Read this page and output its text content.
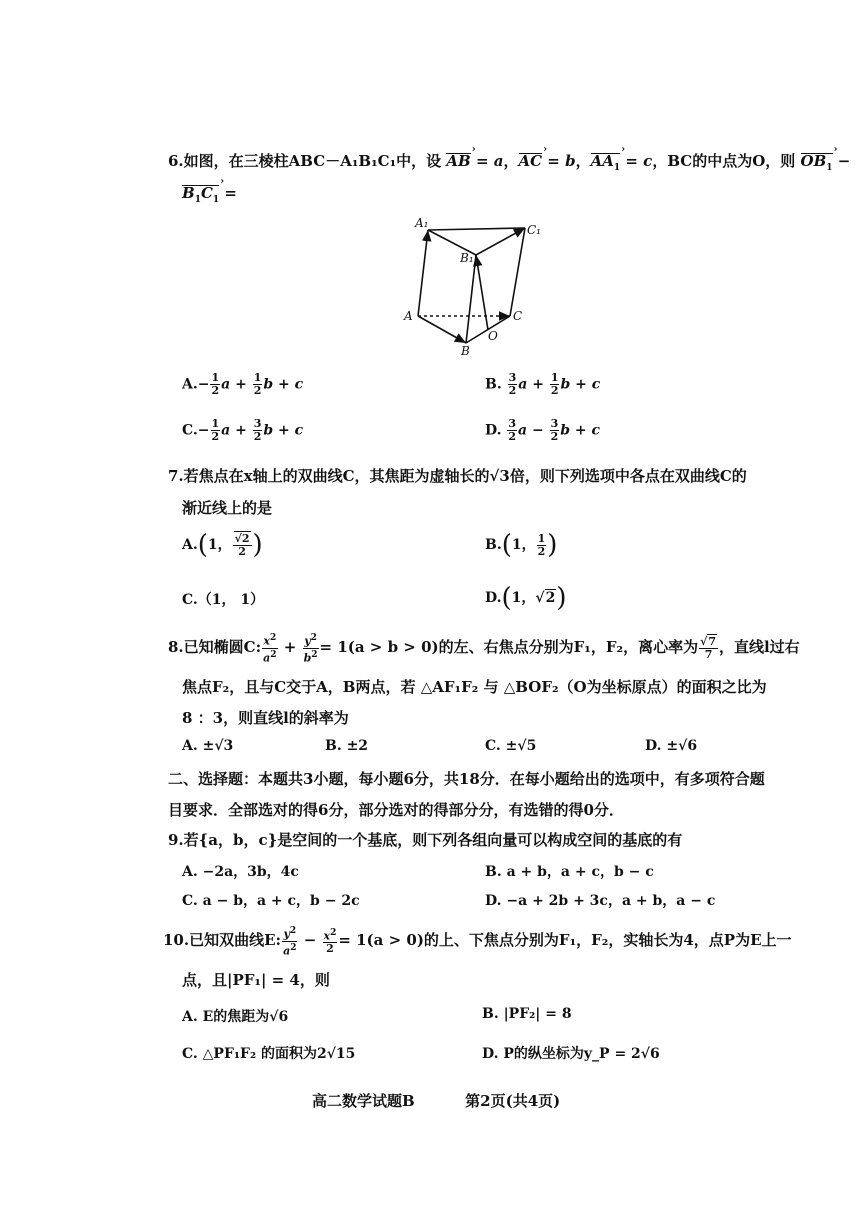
6.如图，在三棱柱ABC－A₁B₁C₁中，设 AB › = a，AC › = b，$AA_1$ › = c，BC的中点为O，则 $OB_1$ › −
$B_1C_1$ › =
A₁	C₁
B₁
A	C
B
O
$A.- \frac{1}{2}$ $a + \frac{1}{2}$ b + c	B. $\frac{3}{2}$ $a + \frac{1}{2}$ b + c
$C.- \frac{1}{2}$ $a + \frac{3}{2}$ b + c	D. $\frac{3}{2}$ $a - \frac{3}{2}$ b + c
7.若焦点在x轴上的双曲线C，其焦距为虚轴长的√3倍，则下列选项中各点在双曲线C的
渐近线上的是
A.(1， $\frac{√2}{2}$ )	B.(1， $\frac{1}{2}$ )
C.（1， 1）	D.(1，√2)
8.已知椭圆C: $\frac{x^2}{a^2} + \frac{y^2}{b^2} = 1(a > b > 0)$的左、右焦点分别为F₁，F₂，离心率为 $\frac{√7}{7}$ ，直线l过右
焦点F₂，且与C交于A，B两点，若 △AF₁F₂ 与 △BOF₂（O为坐标原点）的面积之比为
8 ：3，则直线l的斜率为
A. ±√3	B. ±2	C. ±√5	D. ±√6
二、选择题：本题共3小题，每小题6分，共18分．在每小题给出的选项中，有多项符合题
目要求．全部选对的得6分，部分选对的得部分分，有选错的得0分．
9.若{a，b，c}是空间的一个基底，则下列各组向量可以构成空间的基底的有
A. −2a，3b，4c	B. a + b，a + c，b − c
C. a − b，a + c，b − 2c	D. −a + 2b + 3c，a + b，a − c
10.已知双曲线E: $\frac{y^2}{a^2} - \frac{x^2}{2} = 1(a > 0)$的上、下焦点分别为F₁，F₂，实轴长为4，点P为E上一
点，且|PF₁| = 4，则
A. E的焦距为√6	B. |PF₂| = 8
C. △PF₁F₂ 的面积为2√15	D. P的纵坐标为y_P = 2√6
高二数学试题B	第2页(共4页)
